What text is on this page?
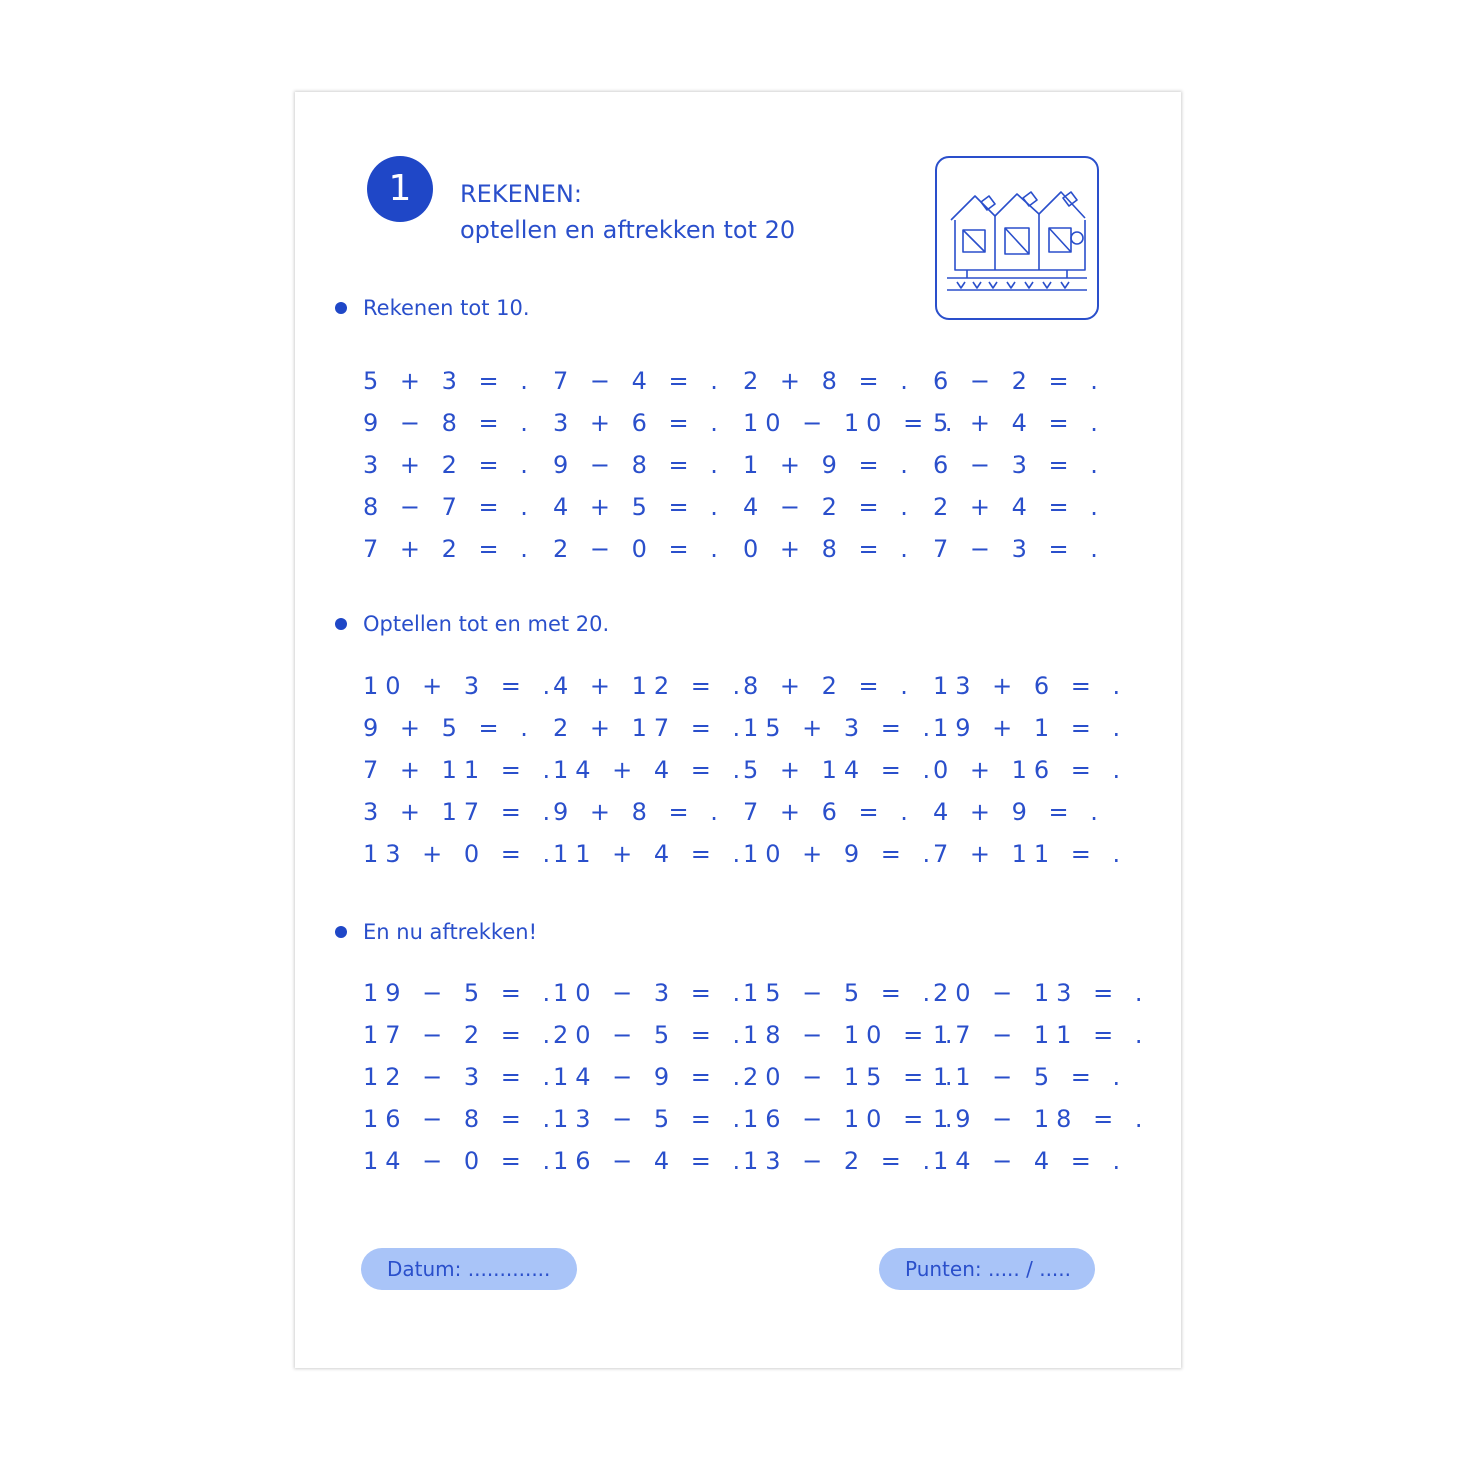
1	REKENEN:
optellen en aftrekken tot 20
Rekenen tot 10.
5 + 3 = . 7 − 4 = . 2 + 8 = . 6 − 2 = .
9 − 8 = . 3 + 6 = . 10 − 10 = .
5 + 4 = .
3 + 2 = . 9 − 8 = . 1 + 9 = . 6 − 3 = .
8 − 7 = . 4 + 5 = . 4 − 2 = . 2 + 4 = .
7 + 2 = . 2 − 0 = . 0 + 8 = . 7 − 3 = .
Optellen tot en met 20.
10 + 3 = .
4 + 12 = .
8 + 2 = . 13 + 6 = .
9 + 5 = . 2 + 17 = .
15 + 3 = .
19 + 1 = .
7 + 11 = .
14 + 4 = .
5 + 14 = .
0 + 16 = .
3 + 17 = .
9 + 8 = . 7 + 6 = . 4 + 9 = .
13 + 0 = .
11 + 4 = .
10 + 9 = .
7 + 11 = .
En nu aftrekken!
19 − 5 = .
10 − 3 = .
15 − 5 = .
20 − 13 = .
17 − 2 = .
20 − 5 = .
18 − 10 = .
17 − 11 = .
12 − 3 = .
14 − 9 = .
20 − 15 = .
11 − 5 = .
16 − 8 = .
13 − 5 = .
16 − 10 = .
19 − 18 = .
14 − 0 = .
16 − 4 = .
13 − 2 = .
14 − 4 = .
Datum: .............	Punten: ..... / .....
